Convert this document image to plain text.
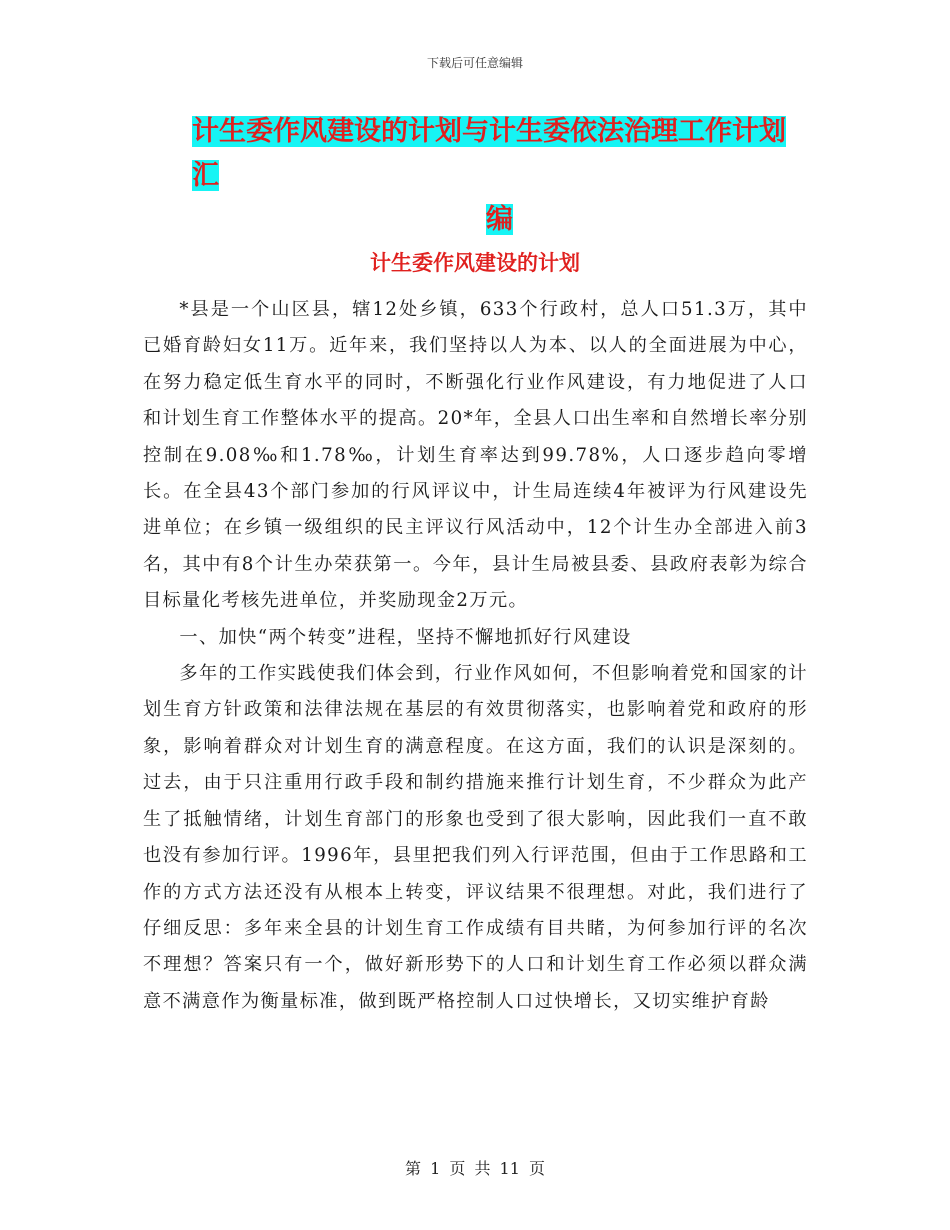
下载后可任意编辑
计生委作风建设的计划与计生委依法治理工作计划汇
编
计生委作风建设的计划

*县是一个山区县，辖12处乡镇，633个行政村，总人口51.3万，其中已婚育龄妇女11万。近年来，我们坚持以人为本、以人的全面进展为中心，在努力稳定低生育水平的同时，不断强化行业作风建设，有力地促进了人口和计划生育工作整体水平的提高。20*年，全县人口出生率和自然增长率分别控制在9.08‰和1.78‰，计划生育率达到99.78%，人口逐步趋向零增长。在全县43个部门参加的行风评议中，计生局连续4年被评为行风建设先进单位；在乡镇一级组织的民主评议行风活动中，12个计生办全部进入前3名，其中有8个计生办荣获第一。今年，县计生局被县委、县政府表彰为综合目标量化考核先进单位，并奖励现金2万元。

一、加快“两个转变”进程，坚持不懈地抓好行风建设

多年的工作实践使我们体会到，行业作风如何，不但影响着党和国家的计划生育方针政策和法律法规在基层的有效贯彻落实，也影响着党和政府的形象，影响着群众对计划生育的满意程度。在这方面，我们的认识是深刻的。过去，由于只注重用行政手段和制约措施来推行计划生育，不少群众为此产生了抵触情绪，计划生育部门的形象也受到了很大影响，因此我们一直不敢也没有参加行评。1996年，县里把我们列入行评范围，但由于工作思路和工作的方式方法还没有从根本上转变，评议结果不很理想。对此，我们进行了仔细反思：多年来全县的计划生育工作成绩有目共睹，为何参加行评的名次不理想？答案只有一个，做好新形势下的人口和计划生育工作必须以群众满意不满意作为衡量标准，做到既严格控制人口过快增长，又切实维护育龄

第 1 页 共 11 页
